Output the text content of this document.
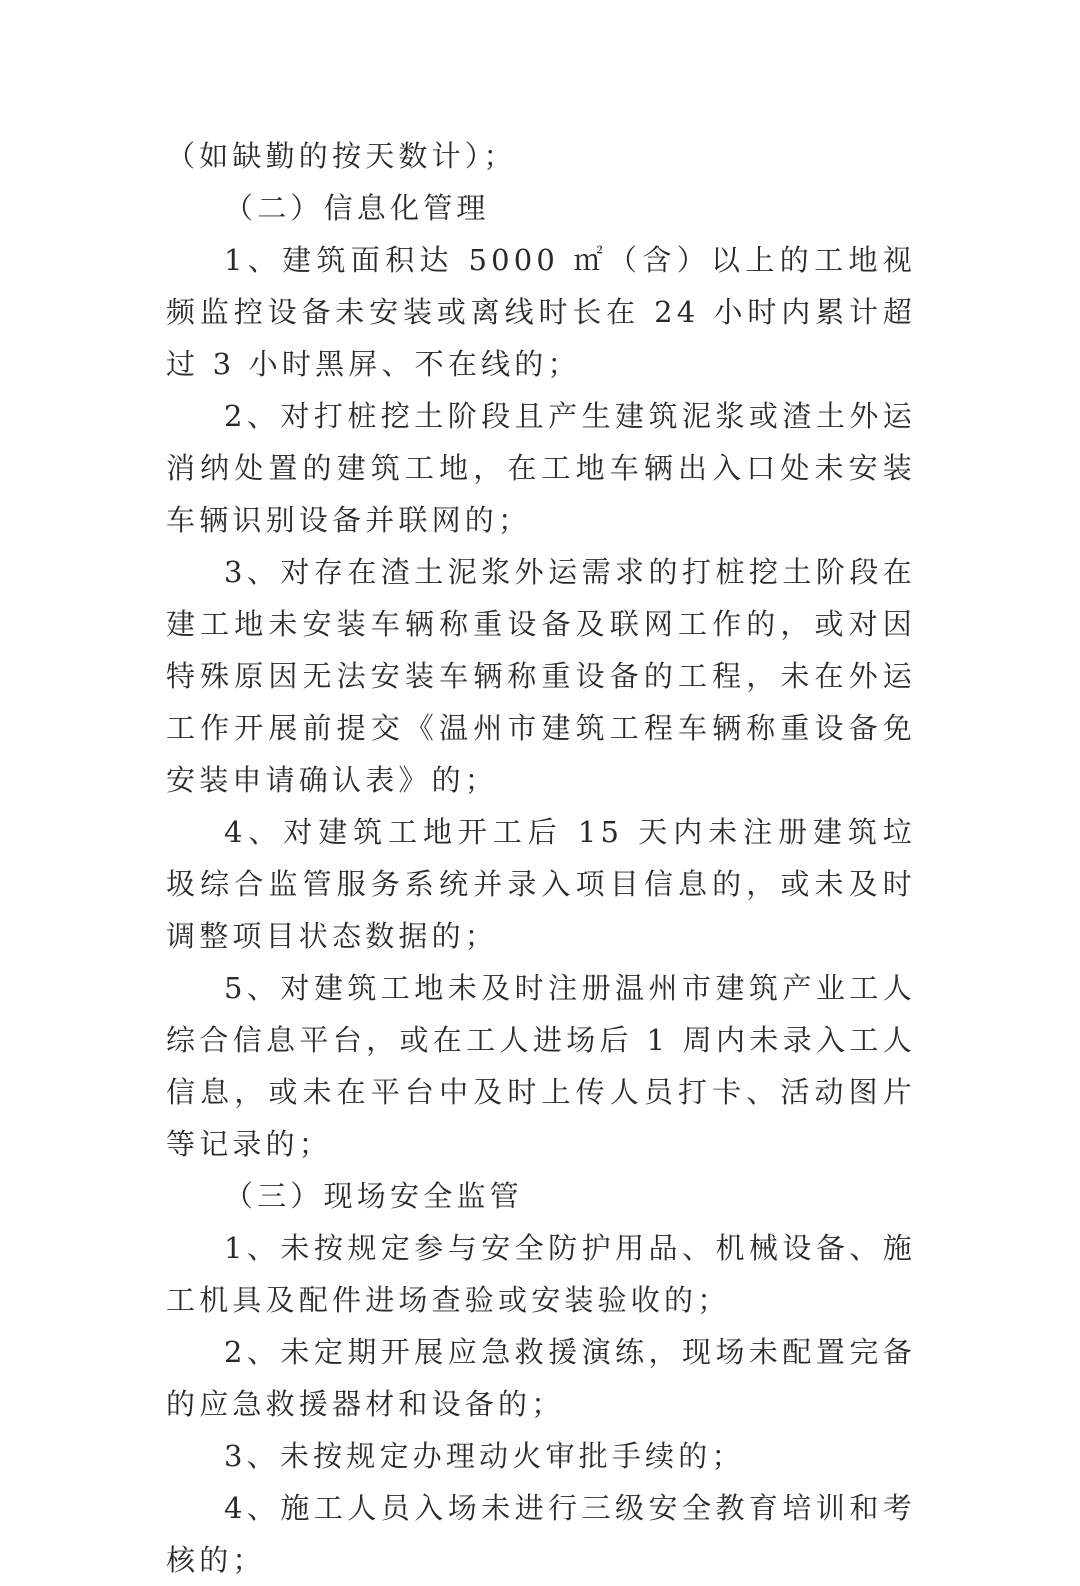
（如缺勤的按天数计）；

（二）信息化管理

1、建筑面积达 5000 ㎡（含）以上的工地视频监控设备未安装或离线时长在 24 小时内累计超过 3 小时黑屏、不在线的；

2、对打桩挖土阶段且产生建筑泥浆或渣土外运消纳处置的建筑工地，在工地车辆出入口处未安装车辆识别设备并联网的；

3、对存在渣土泥浆外运需求的打桩挖土阶段在建工地未安装车辆称重设备及联网工作的，或对因特殊原因无法安装车辆称重设备的工程，未在外运工作开展前提交《温州市建筑工程车辆称重设备免安装申请确认表》的；

4、对建筑工地开工后 15 天内未注册建筑垃圾综合监管服务系统并录入项目信息的，或未及时调整项目状态数据的；

5、对建筑工地未及时注册温州市建筑产业工人综合信息平台，或在工人进场后 1 周内未录入工人信息，或未在平台中及时上传人员打卡、活动图片等记录的；

（三）现场安全监管

1、未按规定参与安全防护用品、机械设备、施工机具及配件进场查验或安装验收的；

2、未定期开展应急救援演练，现场未配置完备的应急救援器材和设备的；

3、未按规定办理动火审批手续的；

4、施工人员入场未进行三级安全教育培训和考核的；
